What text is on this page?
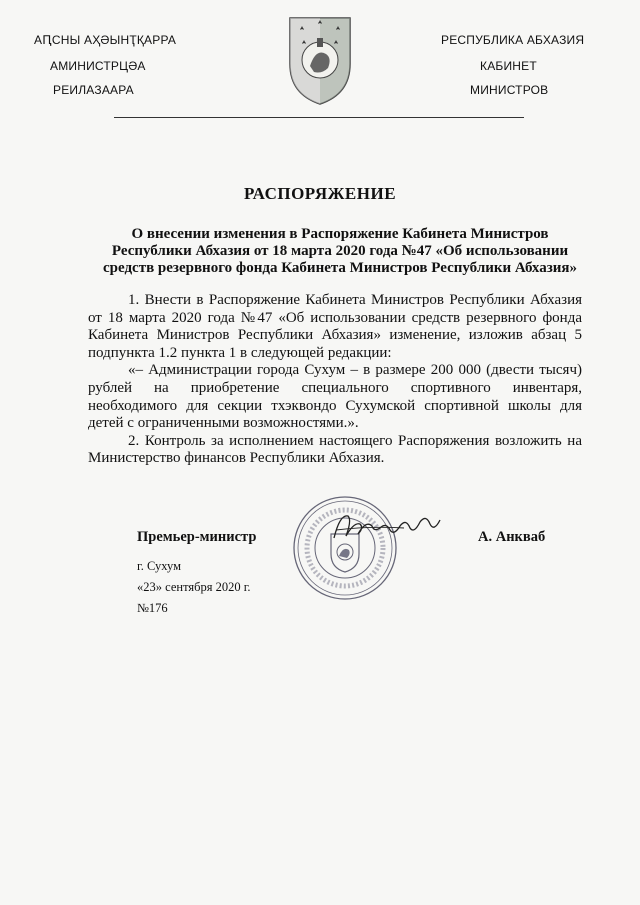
АԤСНЫ АҲӘЫНҬҚАРРА
АМИНИСТРЦӘА
РЕИЛАЗААРА
РЕСПУБЛИКА АБХАЗИЯ
КАБИНЕТ
МИНИСТРОВ
РАСПОРЯЖЕНИЕ
О внесении изменения в Распоряжение Кабинета Министров Республики Абхазия от 18 марта 2020 года №47 «Об использовании средств резервного фонда Кабинета Министров Республики Абхазия»

1. Внести в Распоряжение Кабинета Министров Республики Абхазия от 18 марта 2020 года №47 «Об использовании средств резервного фонда Кабинета Министров Республики Абхазия» изменение, изложив абзац 5 подпункта 1.2 пункта 1 в следующей редакции:

«– Администрации города Сухум – в размере 200 000 (двести тысяч) рублей на приобретение специального спортивного инвентаря, необходимого для секции тхэквондо Сухумской спортивной школы для детей с ограниченными возможностями.».

2. Контроль за исполнением настоящего Распоряжения возложить на Министерство финансов Республики Абхазия.

Премьер-министр	А. Анкваб
г. Сухум
«23» сентября 2020 г.
№176
